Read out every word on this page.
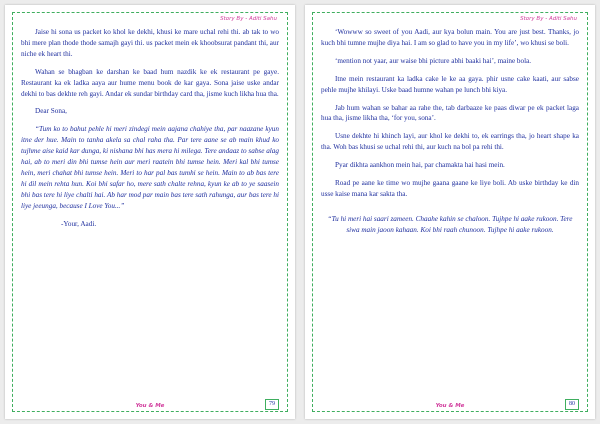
Story By - Aditi Sahu

Jaise hi sona us packet ko khol ke dekhi, khusi ke mare uchal rehi thi. ab tak to wo bhi mere plan thode thode samajh gayi thi. us packet mein ek khoobsurat pandant thi, aur niche ek heart thi.

Wahan se bhagban ke darshan ke baad hum nazdik ke ek restaurant pe gaye. Restaurant ka ek ladka aaya aur hume menu book de kar gaya. Sona jaise uske andar dekhi to bas dekhte reh gayi. Andar ek sundar birthday card tha, jisme kuch likha hua tha.

Dear Sona,

“Tum ko to bahut pehle hi meri zindegi mein aajana chahiye tha, par naazane kyun itne der hue. Main to tanha akela sa chal raha tha. Par tere aane se ab main khud ko tujhme aise kaid kar dunga, ki nishana bhi has mera hi milega. Tere andaaz to sabse alag hai, ab to meri din bhi tumse hein aur meri raatein bhi tumse hein. Meri kal bhi tumse hein, meri chahat bhi tumse hein. Meri to har pal bas tumhi se hein. Main to ab bas tere hi dil mein rehta hun. Koi bhi safar ho, mere sath chalte rehna, kyun ke ab to ye saasein bhi bas tere hi liye chalti hai. Ab har mod par main bas tere sath rahunga, aur bas tere hi liye jeeunga, because I Love You...”

-Your, Aadi.

You & Me	79
Story By - Aditi Sahu

‘Wowww so sweet of you Aadi, aur kya bolun main. You are just best. Thanks, jo kuch bhi tumne mujhe diya hai. I am so glad to have you in my life’, wo khusi se boli.

‘mention not yaar, aur waise bhi picture abhi baaki hai’, maine bola.

Itne mein restaurant ka ladka cake le ke aa gaya. phir usne cake kaati, aur sabse pehle mujhe khilayi. Uske baad humne wahan pe lunch bhi kiya.

Jab hum wahan se bahar aa rahe the, tab darbaaze ke paas diwar pe ek packet laga hua tha, jisme likha tha, ‘for you, sona’.

Usne dekhte hi khinch layi, aur khol ke dekhi to, ek earrings tha, jo heart shape ka tha. Woh bas khusi se uchal rehi thi, aur kuch na bol pa rehi thi.

Pyar dikhta aankhon mein hai, par chamakta hai hasi mein.

Road pe aane ke time wo mujhe gaana gaane ke liye boli. Ab uske birthday ke din usse kaise mana kar sakta tha.

“Tu hi meri hai saari zameen. Chaahe kahin se chaloon. Tujhpe hi aake rukoon. Tere siwa main jaoon kahaan. Koi bhi raah chunoon. Tujhpe hi aake rukoon.

You & Me	80
